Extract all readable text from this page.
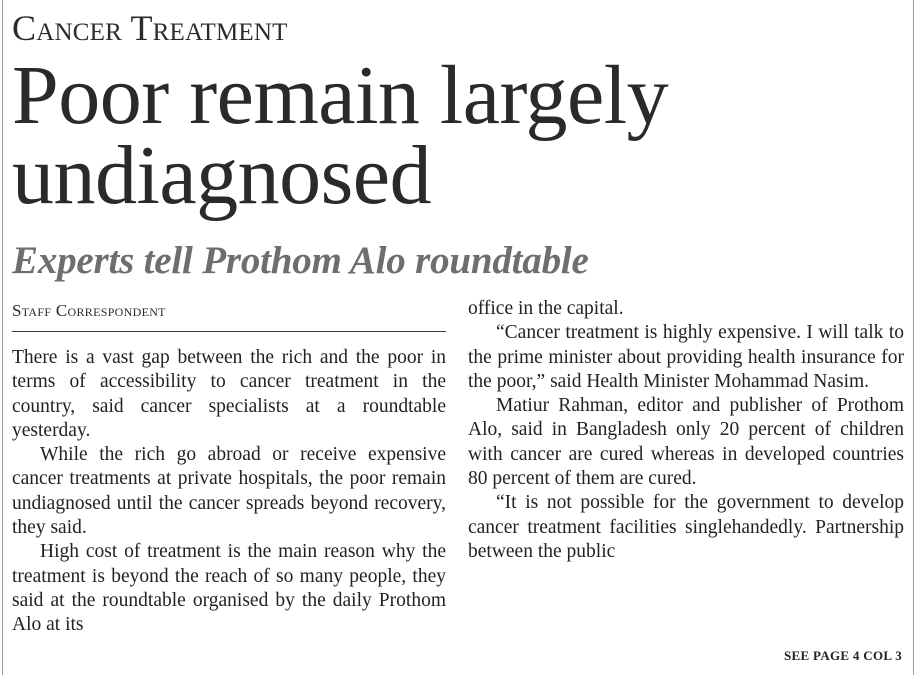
Cancer Treatment
Poor remain largely undiagnosed
Experts tell Prothom Alo roundtable
Staff Correspondent

There is a vast gap between the rich and the poor in terms of accessibility to cancer treatment in the country, said cancer specialists at a roundtable yesterday.

While the rich go abroad or receive expensive cancer treatments at private hospitals, the poor remain undiagnosed until the cancer spreads beyond recovery, they said.

High cost of treatment is the main reason why the treatment is beyond the reach of so many people, they said at the roundtable organised by the daily Prothom Alo at its

office in the capital.

“Cancer treatment is highly expensive. I will talk to the prime minister about providing health insurance for the poor,” said Health Minister Mohammad Nasim.

Matiur Rahman, editor and publisher of Prothom Alo, said in Bangladesh only 20 percent of children with cancer are cured whereas in developed countries 80 percent of them are cured.

“It is not possible for the government to develop cancer treatment facilities singlehandedly. Partnership between the public

SEE PAGE 4 COL 3
